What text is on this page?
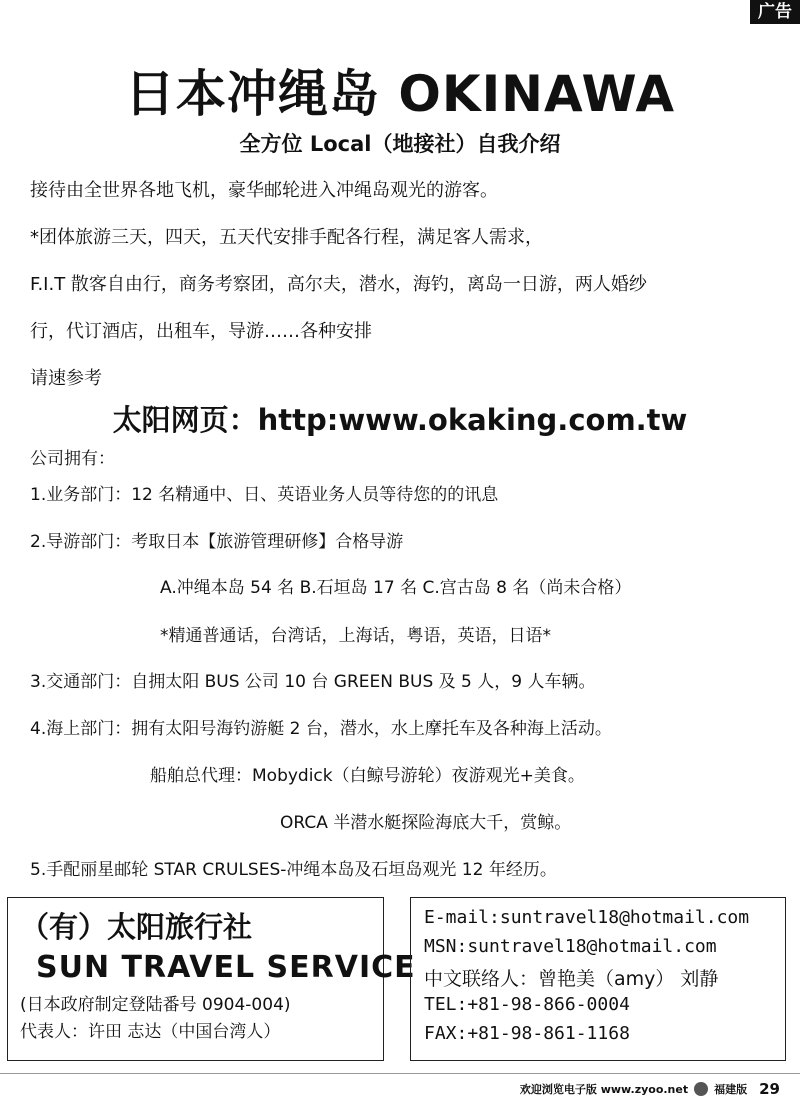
广告
日本冲绳岛 OKINAWA
全方位 Local（地接社）自我介绍
接待由全世界各地飞机，豪华邮轮进入冲绳岛观光的游客。
*团体旅游三天，四天，五天代安排手配各行程，满足客人需求，
F.I.T 散客自由行，商务考察团，高尔夫，潜水，海钓，离岛一日游，两人婚纱
行，代订酒店，出租车，导游……各种安排
请速参考
太阳网页：http:www.okaking.com.tw
公司拥有：
1.业务部门：12 名精通中、日、英语业务人员等待您的的讯息
2.导游部门：考取日本【旅游管理研修】合格导游
A.冲绳本岛 54 名 B.石垣岛 17 名 C.宫古岛 8 名（尚未合格）
*精通普通话，台湾话，上海话，粤语，英语，日语*
3.交通部门：自拥太阳 BUS 公司 10 台 GREEN BUS 及 5 人，9 人车辆。
4.海上部门：拥有太阳号海钓游艇 2 台，潜水，水上摩托车及各种海上活动。
船舶总代理：Mobydick（白鲸号游轮）夜游观光+美食。
ORCA 半潜水艇探险海底大千，赏鲸。
5.手配丽星邮轮 STAR CRULSES-冲绳本岛及石垣岛观光 12 年经历。
（有）太阳旅行社
SUN TRAVEL SERVICE
(日本政府制定登陆番号 0904-004)
代表人：许田 志达（中国台湾人）
E-mail:suntravel18@hotmail.com
MSN:suntravel18@hotmail.com
中文联络人：曾艳美（amy） 刘静
TEL:+81-98-866-0004
FAX:+81-98-861-1168
欢迎浏览电子版 www.zyoo.net 福建版 29
